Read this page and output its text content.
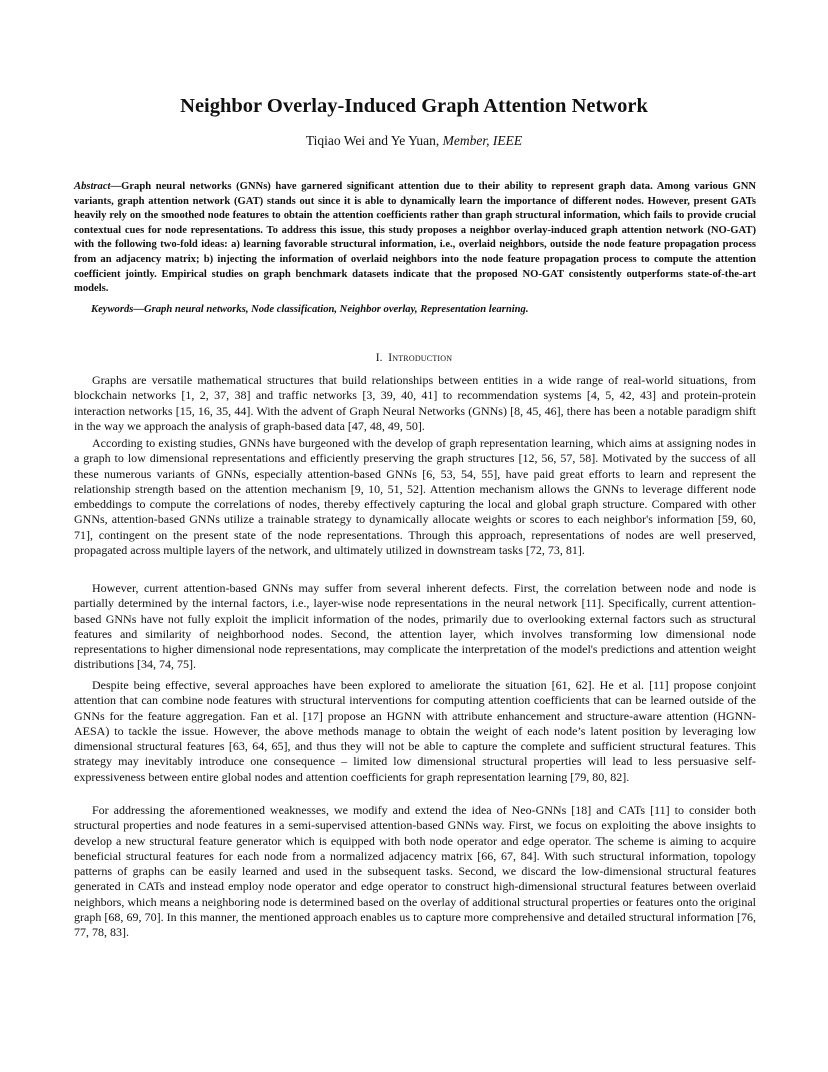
Neighbor Overlay-Induced Graph Attention Network
Tiqiao Wei and Ye Yuan, Member, IEEE

Abstract—Graph neural networks (GNNs) have garnered significant attention due to their ability to represent graph data. Among various GNN variants, graph attention network (GAT) stands out since it is able to dynamically learn the importance of different nodes. However, present GATs heavily rely on the smoothed node features to obtain the attention coefficients rather than graph structural information, which fails to provide crucial contextual cues for node representations. To address this issue, this study proposes a neighbor overlay-induced graph attention network (NO-GAT) with the following two-fold ideas: a) learning favorable structural information, i.e., overlaid neighbors, outside the node feature propagation process from an adjacency matrix; b) injecting the information of overlaid neighbors into the node feature propagation process to compute the attention coefficient jointly. Empirical studies on graph benchmark datasets indicate that the proposed NO-GAT consistently outperforms state-of-the-art models.

Keywords—Graph neural networks, Node classification, Neighbor overlay, Representation learning.

I. Introduction

Graphs are versatile mathematical structures that build relationships between entities in a wide range of real-world situations, from blockchain networks [1, 2, 37, 38] and traffic networks [3, 39, 40, 41] to recommendation systems [4, 5, 42, 43] and protein-protein interaction networks [15, 16, 35, 44]. With the advent of Graph Neural Networks (GNNs) [8, 45, 46], there has been a notable paradigm shift in the way we approach the analysis of graph-based data [47, 48, 49, 50].

According to existing studies, GNNs have burgeoned with the develop of graph representation learning, which aims at assigning nodes in a graph to low dimensional representations and efficiently preserving the graph structures [12, 56, 57, 58]. Motivated by the success of all these numerous variants of GNNs, especially attention-based GNNs [6, 53, 54, 55], have paid great efforts to learn and represent the relationship strength based on the attention mechanism [9, 10, 51, 52]. Attention mechanism allows the GNNs to leverage different node embeddings to compute the correlations of nodes, thereby effectively capturing the local and global graph structure. Compared with other GNNs, attention-based GNNs utilize a trainable strategy to dynamically allocate weights or scores to each neighbor's information [59, 60, 71], contingent on the present state of the node representations. Through this approach, representations of nodes are well preserved, propagated across multiple layers of the network, and ultimately utilized in downstream tasks [72, 73, 81].

However, current attention-based GNNs may suffer from several inherent defects. First, the correlation between node and node is partially determined by the internal factors, i.e., layer-wise node representations in the neural network [11]. Specifically, current attention-based GNNs have not fully exploit the implicit information of the nodes, primarily due to overlooking external factors such as structural features and similarity of neighborhood nodes. Second, the attention layer, which involves transforming low dimensional node representations to higher dimensional node representations, may complicate the interpretation of the model's predictions and attention weight distributions [34, 74, 75].

Despite being effective, several approaches have been explored to ameliorate the situation [61, 62]. He et al. [11] propose conjoint attention that can combine node features with structural interventions for computing attention coefficients that can be learned outside of the GNNs for the feature aggregation. Fan et al. [17] propose an HGNN with attribute enhancement and structure-aware attention (HGNN-AESA) to tackle the issue. However, the above methods manage to obtain the weight of each node’s latent position by leveraging low dimensional structural features [63, 64, 65], and thus they will not be able to capture the complete and sufficient structural features. This strategy may inevitably introduce one consequence – limited low dimensional structural properties will lead to less persuasive self-expressiveness between entire global nodes and attention coefficients for graph representation learning [79, 80, 82].

For addressing the aforementioned weaknesses, we modify and extend the idea of Neo-GNNs [18] and CATs [11] to consider both structural properties and node features in a semi-supervised attention-based GNNs way. First, we focus on exploiting the above insights to develop a new structural feature generator which is equipped with both node operator and edge operator. The scheme is aiming to acquire beneficial structural features for each node from a normalized adjacency matrix [66, 67, 84]. With such structural information, topology patterns of graphs can be easily learned and used in the subsequent tasks. Second, we discard the low-dimensional structural features generated in CATs and instead employ node operator and edge operator to construct high-dimensional structural features between overlaid neighbors, which means a neighboring node is determined based on the overlay of additional structural properties or features onto the original graph [68, 69, 70]. In this manner, the mentioned approach enables us to capture more comprehensive and detailed structural information [76, 77, 78, 83].
